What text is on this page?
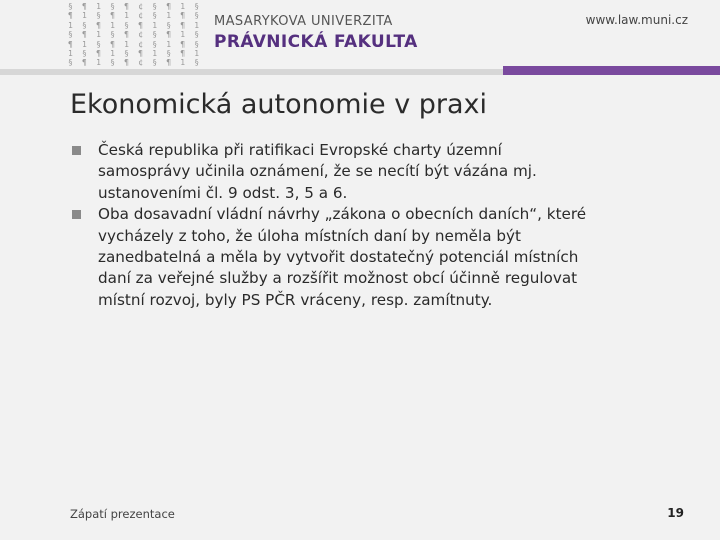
§ ¶ 1 § ¶ ¢ § ¶ 1 §
¶ 1 § ¶ 1 ¢ § 1 ¶ §
1 § ¶ 1 § ¶ 1 § ¶ 1
§ ¶ 1 § ¶ ¢ § ¶ 1 §
¶ 1 § ¶ 1 ¢ § 1 ¶ §
1 § ¶ 1 § ¶ 1 § ¶ 1
§ ¶ 1 § ¶ ¢ § ¶ 1 §
MASARYKOVA UNIVERZITA
PRÁVNICKÁ FAKULTA
www.law.muni.cz
Ekonomická autonomie v praxi
Česká republika při ratifikaci Evropské charty územní
samosprávy učinila oznámení, že se necítí být vázána mj.
ustanoveními čl. 9 odst. 3, 5 a 6.
Oba dosavadní vládní návrhy „zákona o obecních daních“, které
vycházely z toho, že úloha místních daní by neměla být
zanedbatelná a měla by vytvořit dostatečný potenciál místních
daní za veřejné služby a rozšířit možnost obcí účinně regulovat
místní rozvoj, byly PS PČR vráceny, resp. zamítnuty.
Zápatí prezentace	19
